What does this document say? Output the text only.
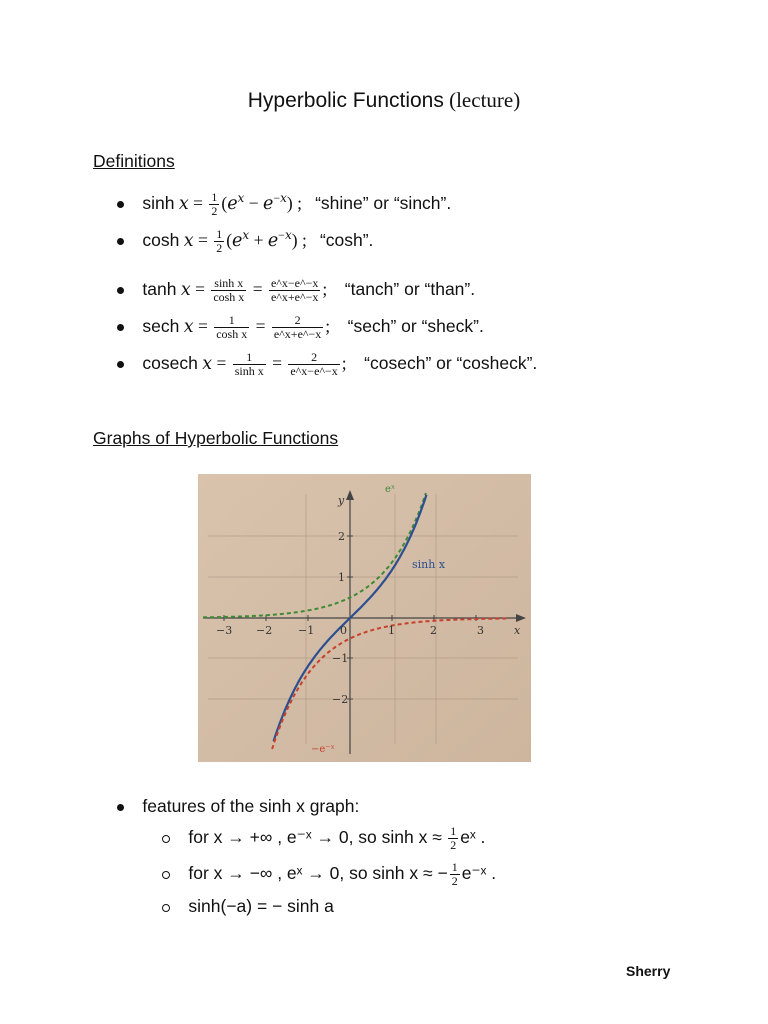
Hyperbolic Functions (lecture)
Definitions
$\sinh x = \frac{1}{2} (e^x - e^{-x})$ ; “shine” or “sinch”.
$\cosh x = \frac{1}{2} (e^x + e^{-x})$ ; “cosh”.
$\tanh x = \frac{\text{sinh x}}{\text{cosh x}} = \frac{e\^{}x-e\^{}-x}{e\^{}x+e\^{}-x}$ ; “tanch” or “than”.
sech $x = \frac{1}{\text{cosh x}} = \frac{2}{e\^{}x+e\^{}-x}$ ; “sech” or “sheck”.
cosech $x = \frac{1}{\text{sinh x}} = \frac{2}{e\^{}x-e\^{}-x}$ ; “cosech” or “cosheck”.
Graphs of Hyperbolic Functions
−3 −2 −1 0	1	2	3
2
1
−1
−2
y
x
sinh x
eˣ
−e⁻ˣ
features of the sinh x graph:
for x → +∞ , e⁻ˣ → 0, so $\sinh x \approx \frac{1}{2}$ eˣ .
for x → −∞ , eˣ → 0, so sinh x ≈ − $\frac{1}{2}$ e⁻ˣ .
sinh(−a) = − sinh a
Sherry
